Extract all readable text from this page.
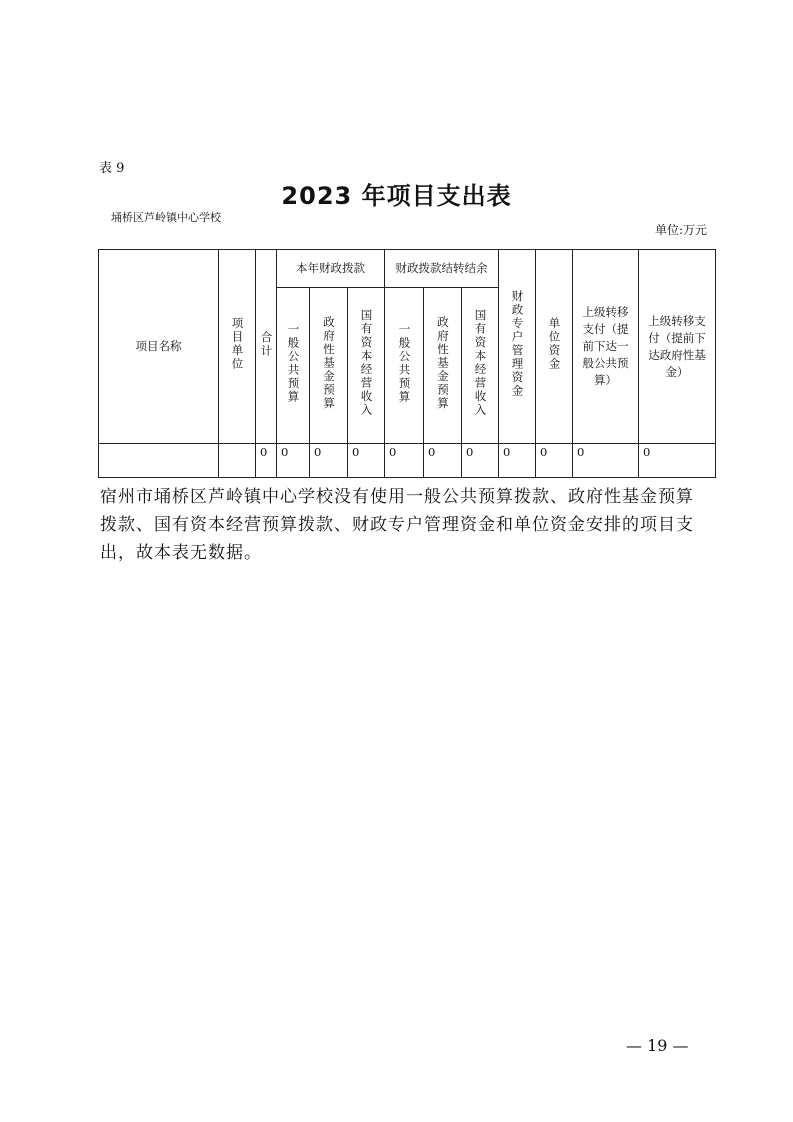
表 9
2023 年项目支出表
埇桥区芦岭镇中心学校
单位:万元
项目名称	项目单位	合计	本年财政拨款			财政拨款结转结余			财政专户管理资金	单位资金	上级转移支付（提前下达一般公共预算）	上级转移支付（提前下达政府性基金）
			一般公共预算	政府性基金预算	国有资本经营收入	一般公共预算	政府性基金预算	国有资本经营收入				
		0	0	0	0	0	0	0	0	0	0	0
宿州市埇桥区芦岭镇中心学校没有使用一般公共预算拨款、政府性基金预算拨款、国有资本经营预算拨款、财政专户管理资金和单位资金安排的项目支出，故本表无数据。
— 19 —
